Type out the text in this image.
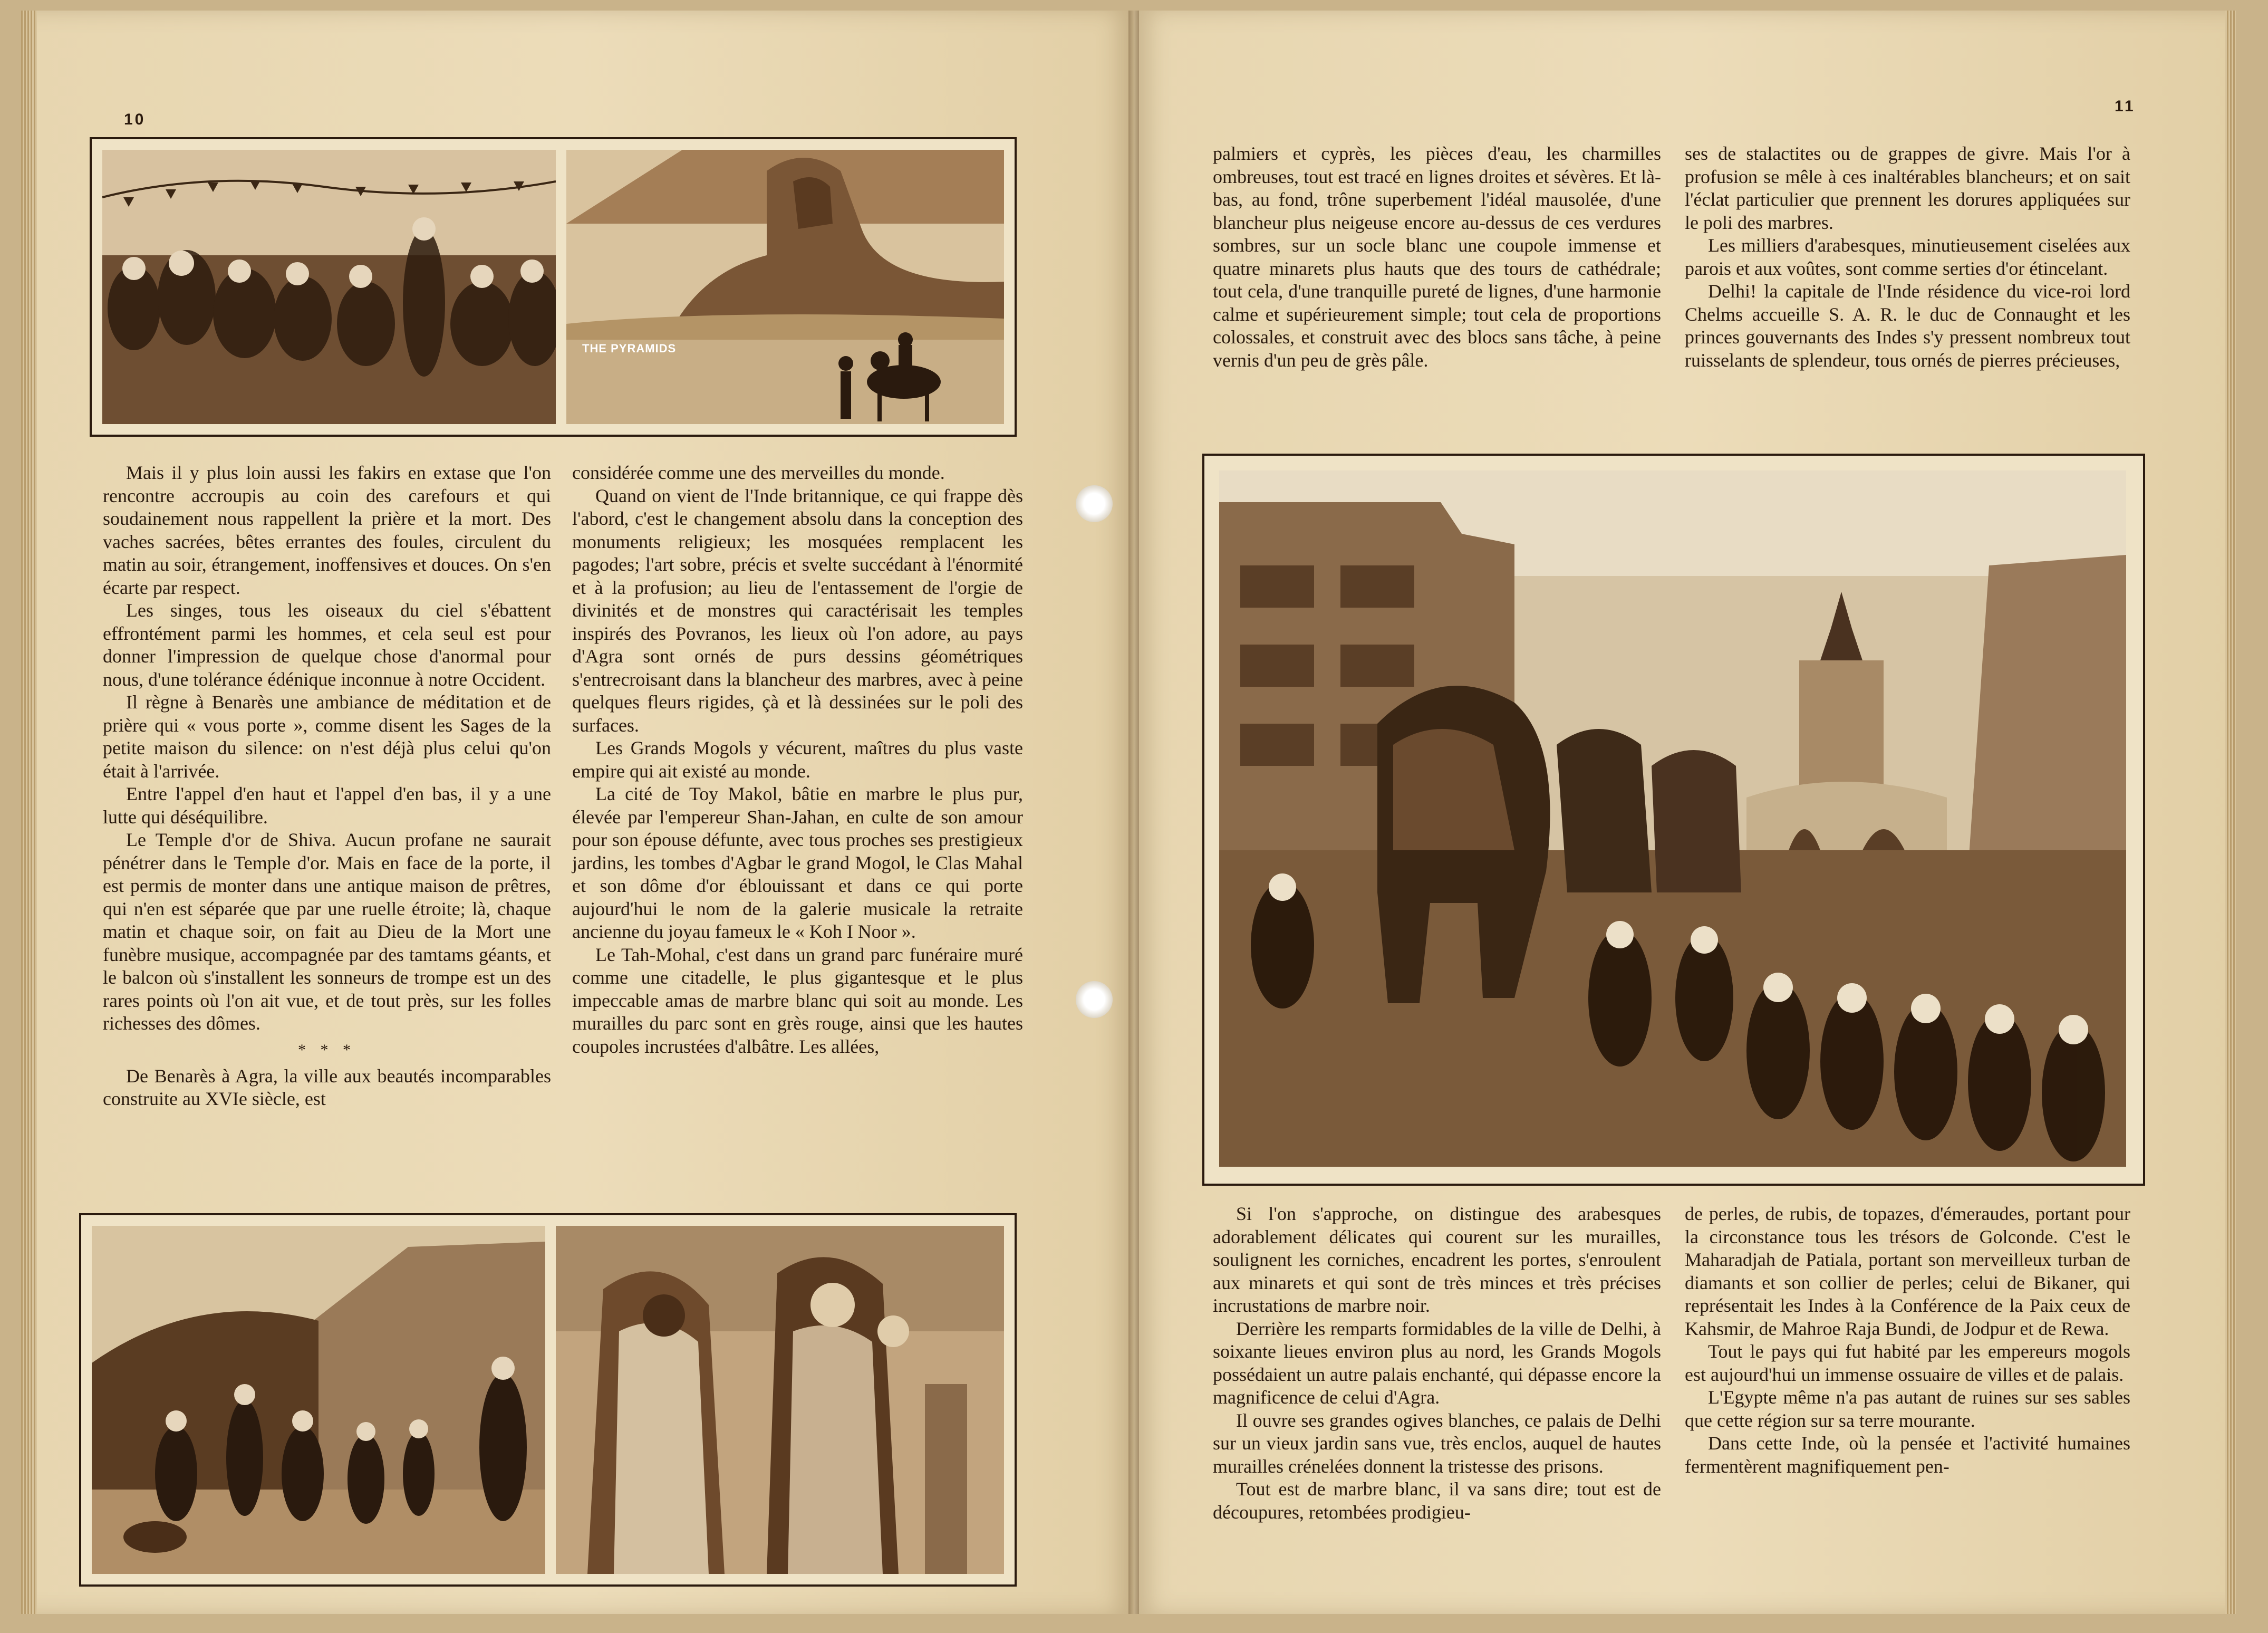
10
THE PYRAMIDS

Mais il y plus loin aussi les fakirs en extase que l'on rencontre accroupis au coin des carefours et qui soudainement nous rappellent la prière et la mort. Des vaches sacrées, bêtes errantes des foules, circulent du matin au soir, étrangement, inoffensives et douces. On s'en écarte par respect.

Les singes, tous les oiseaux du ciel s'ébattent effrontément parmi les hommes, et cela seul est pour donner l'impression de quelque chose d'anormal pour nous, d'une tolérance édénique inconnue à notre Occident.

Il règne à Benarès une ambiance de méditation et de prière qui « vous porte », comme disent les Sages de la petite maison du silence: on n'est déjà plus celui qu'on était à l'arrivée.

Entre l'appel d'en haut et l'appel d'en bas, il y a une lutte qui déséquilibre.

Le Temple d'or de Shiva. Aucun profane ne saurait pénétrer dans le Temple d'or. Mais en face de la porte, il est permis de monter dans une antique maison de prêtres, qui n'en est séparée que par une ruelle étroite; là, chaque matin et chaque soir, on fait au Dieu de la Mort une funèbre musique, accompagnée par des tamtams géants, et le balcon où s'installent les sonneurs de trompe est un des rares points où l'on ait vue, et de tout près, sur les folles richesses des dômes.

* * *

De Benarès à Agra, la ville aux beautés incomparables construite au XVIe siècle, est

considérée comme une des merveilles du monde.

Quand on vient de l'Inde britannique, ce qui frappe dès l'abord, c'est le changement absolu dans la conception des monuments religieux; les mosquées remplacent les pagodes; l'art sobre, précis et svelte succédant à l'énormité et à la profusion; au lieu de l'entassement de l'orgie de divinités et de monstres qui caractérisait les temples inspirés des Povranos, les lieux où l'on adore, au pays d'Agra sont ornés de purs dessins géométriques s'entrecroisant dans la blancheur des marbres, avec à peine quelques fleurs rigides, çà et là dessinées sur le poli des surfaces.

Les Grands Mogols y vécurent, maîtres du plus vaste empire qui ait existé au monde.

La cité de Toy Makol, bâtie en marbre le plus pur, élevée par l'empereur Shan-Jahan, en culte de son amour pour son épouse défunte, avec tous proches ses prestigieux jardins, les tombes d'Agbar le grand Mogol, le Clas Mahal et son dôme d'or éblouissant et dans ce qui porte aujourd'hui le nom de la galerie musicale la retraite ancienne du joyau fameux le « Koh I Noor ».

Le Tah-Mohal, c'est dans un grand parc funéraire muré comme une citadelle, le plus gigantesque et le plus impeccable amas de marbre blanc qui soit au monde. Les murailles du parc sont en grès rouge, ainsi que les hautes coupoles incrustées d'albâtre. Les allées,

11

palmiers et cyprès, les pièces d'eau, les charmilles ombreuses, tout est tracé en lignes droites et sévères. Et là-bas, au fond, trône superbement l'idéal mausolée, d'une blancheur plus neigeuse encore au-dessus de ces verdures sombres, sur un socle blanc une coupole immense et quatre minarets plus hauts que des tours de cathédrale; tout cela, d'une tranquille pureté de lignes, d'une harmonie calme et supérieurement simple; tout cela de proportions colossales, et construit avec des blocs sans tâche, à peine vernis d'un peu de grès pâle.

ses de stalactites ou de grappes de givre. Mais l'or à profusion se mêle à ces inaltérables blancheurs; et on sait l'éclat particulier que prennent les dorures appliquées sur le poli des marbres.

Les milliers d'arabesques, minutieusement ciselées aux parois et aux voûtes, sont comme serties d'or étincelant.

Delhi! la capitale de l'Inde résidence du vice-roi lord Chelms accueille S. A. R. le duc de Connaught et les princes gouvernants des Indes s'y pressent nombreux tout ruisselants de splendeur, tous ornés de pierres précieuses,

Si l'on s'approche, on distingue des arabesques adorablement délicates qui courent sur les murailles, soulignent les corniches, encadrent les portes, s'enroulent aux minarets et qui sont de très minces et très précises incrustations de marbre noir.

Derrière les remparts formidables de la ville de Delhi, à soixante lieues environ plus au nord, les Grands Mogols possédaient un autre palais enchanté, qui dépasse encore la magnificence de celui d'Agra.

Il ouvre ses grandes ogives blanches, ce palais de Delhi sur un vieux jardin sans vue, très enclos, auquel de hautes murailles crénelées donnent la tristesse des prisons.

Tout est de marbre blanc, il va sans dire; tout est de découpures, retombées prodigieu-

de perles, de rubis, de topazes, d'émeraudes, portant pour la circonstance tous les trésors de Golconde. C'est le Maharadjah de Patiala, portant son merveilleux turban de diamants et son collier de perles; celui de Bikaner, qui représentait les Indes à la Conférence de la Paix ceux de Kahsmir, de Mahroe Raja Bundi, de Jodpur et de Rewa.

Tout le pays qui fut habité par les empereurs mogols est aujourd'hui un immense ossuaire de villes et de palais.

L'Egypte même n'a pas autant de ruines sur ses sables que cette région sur sa terre mourante.

Dans cette Inde, où la pensée et l'activité humaines fermentèrent magnifiquement pen-
